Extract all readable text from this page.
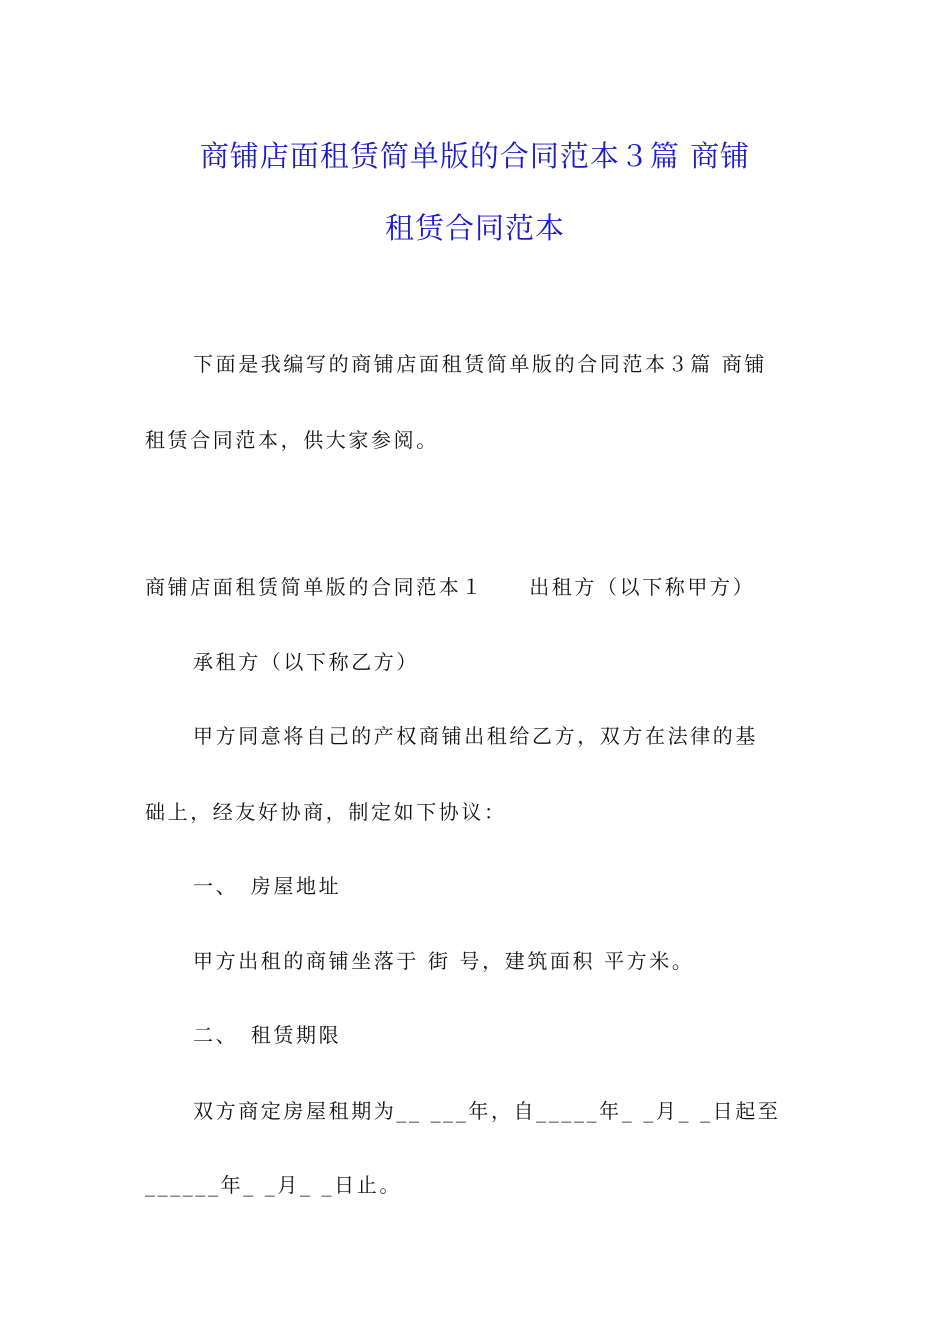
商铺店面租赁简单版的合同范本３篇 商铺
租赁合同范本
下面是我编写的商铺店面租赁简单版的合同范本３篇 商铺
租赁合同范本，供大家参阅。
商铺店面租赁简单版的合同范本１　　出租方（以下称甲方）
承租方（以下称乙方）
甲方同意将自己的产权商铺出租给乙方，双方在法律的基
础上，经友好协商，制定如下协议：
一、　房屋地址
甲方出租的商铺坐落于 街 号，建筑面积 平方米。
二、　租赁期限
双方商定房屋租期为__ ___年，自_____年_ _月_ _日起至
______年_ _月_ _日止。
